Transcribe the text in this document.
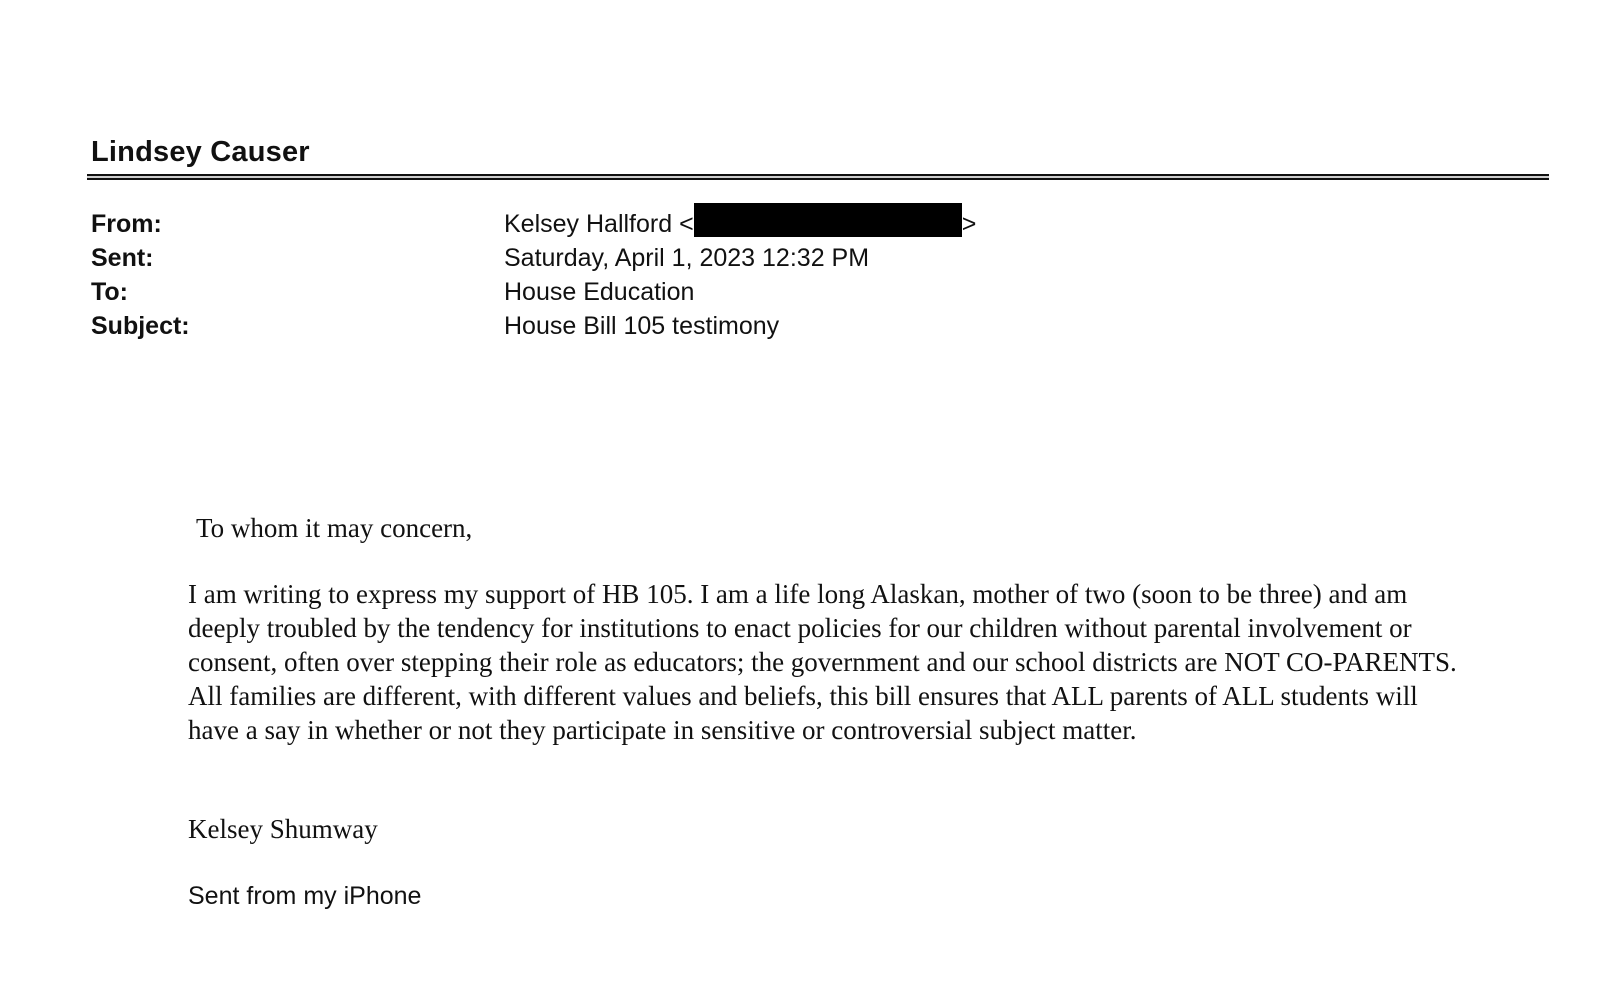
Lindsey Causer
From:	Kelsey Hallford <	>
Sent:	Saturday, April 1, 2023 12:32 PM
To:	House Education
Subject:	House Bill 105 testimony
To whom it may concern,
I am writing to express my support of HB 105. I am a life long Alaskan, mother of two (soon to be three) and am deeply troubled by the tendency for institutions to enact policies for our children without parental involvement or consent, often over stepping their role as educators; the government and our school districts are NOT CO-PARENTS. All families are different, with different values and beliefs, this bill ensures that ALL parents of ALL students will have a say in whether or not they participate in sensitive or controversial subject matter.
Kelsey Shumway
Sent from my iPhone
